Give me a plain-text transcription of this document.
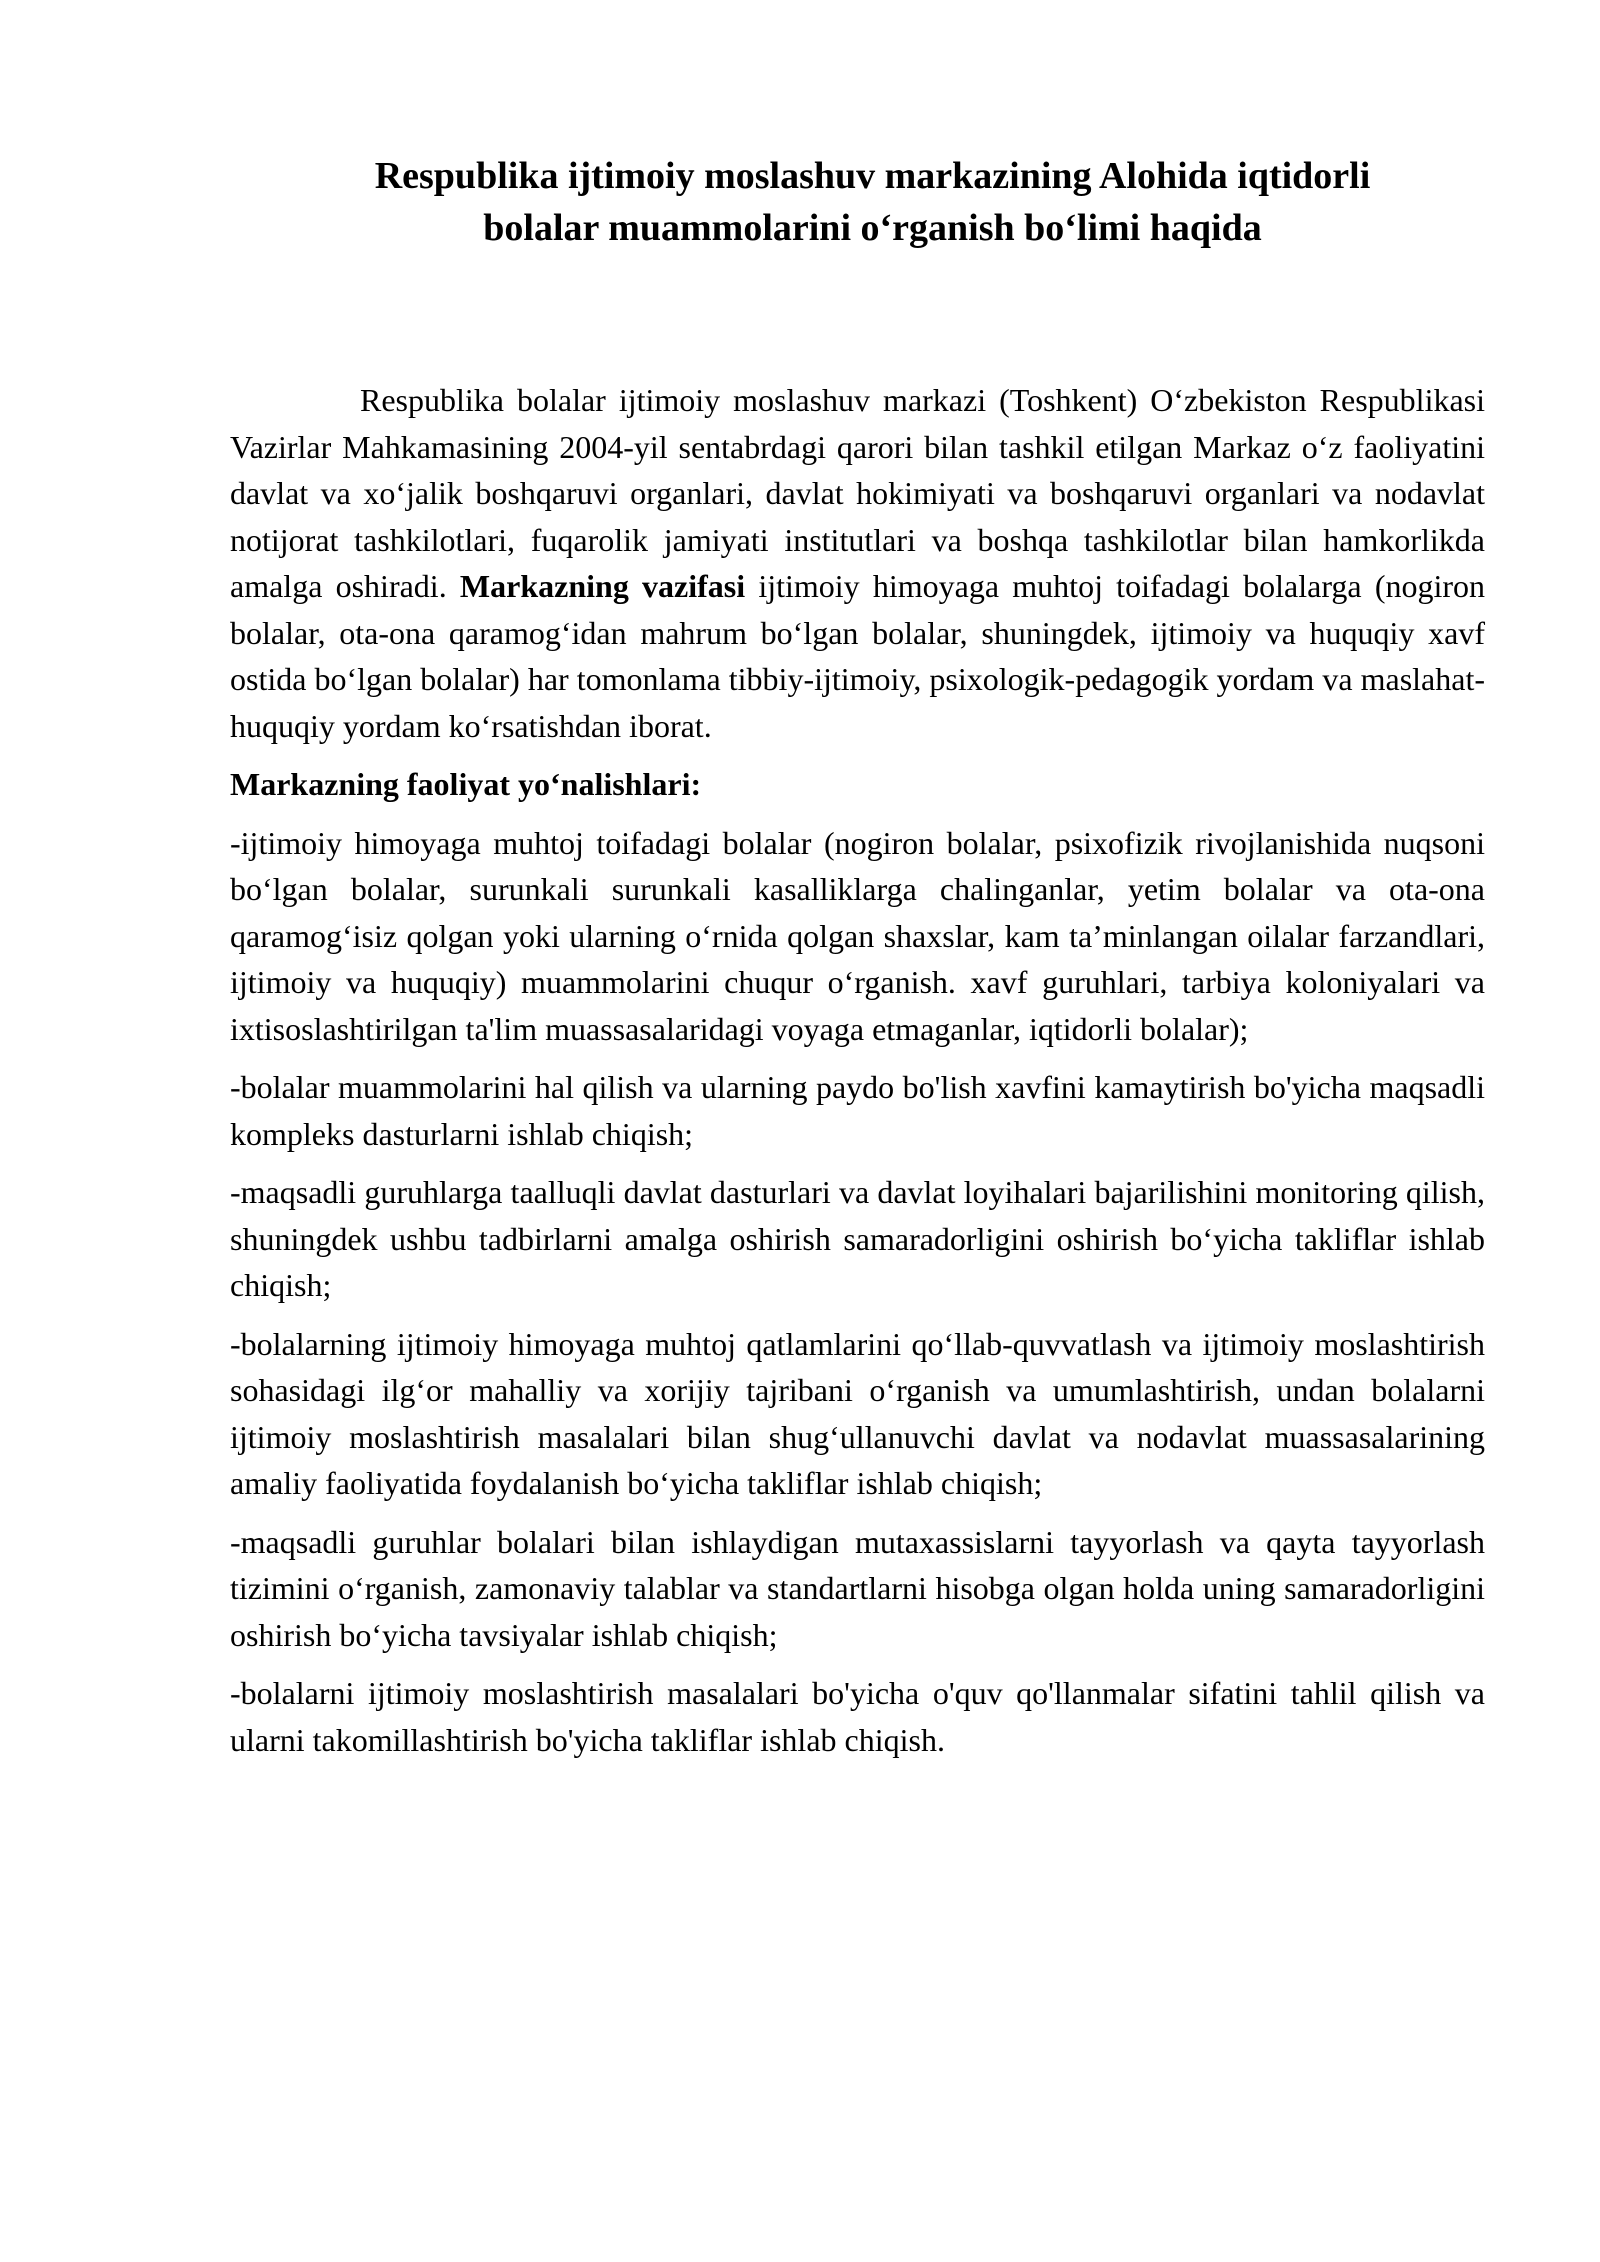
Respublika ijtimoiy moslashuv markazining Alohida iqtidorli
bolalar muammolarini o‘rganish bo‘limi haqida

Respublika bolalar ijtimoiy moslashuv markazi (Toshkent) O‘zbekiston Respublikasi Vazirlar Mahkamasining 2004-yil sentabrdagi qarori bilan tashkil etilgan Markaz o‘z faoliyatini davlat va xo‘jalik boshqaruvi organlari, davlat hokimiyati va boshqaruvi organlari va nodavlat notijorat tashkilotlari, fuqarolik jamiyati institutlari va boshqa tashkilotlar bilan hamkorlikda amalga oshiradi. Markazning vazifasi ijtimoiy himoyaga muhtoj toifadagi bolalarga (nogiron bolalar, ota-ona qaramog‘idan mahrum bo‘lgan bolalar, shuningdek, ijtimoiy va huquqiy xavf ostida bo‘lgan bolalar) har tomonlama tibbiy-ijtimoiy, psixologik-pedagogik yordam va maslahat-huquqiy yordam ko‘rsatishdan iborat.

Markazning faoliyat yo‘nalishlari:

-ijtimoiy himoyaga muhtoj toifadagi bolalar (nogiron bolalar, psixofizik rivojlanishida nuqsoni bo‘lgan bolalar, surunkali surunkali kasalliklarga chalinganlar, yetim bolalar va ota-ona qaramog‘isiz qolgan yoki ularning o‘rnida qolgan shaxslar, kam ta’minlangan oilalar farzandlari, ijtimoiy va huquqiy) muammolarini chuqur o‘rganish. xavf guruhlari, tarbiya koloniyalari va ixtisoslashtirilgan ta'lim muassasalaridagi voyaga etmaganlar, iqtidorli bolalar);

-bolalar muammolarini hal qilish va ularning paydo bo'lish xavfini kamaytirish bo'yicha maqsadli kompleks dasturlarni ishlab chiqish;

-maqsadli guruhlarga taalluqli davlat dasturlari va davlat loyihalari bajarilishini monitoring qilish, shuningdek ushbu tadbirlarni amalga oshirish samaradorligini oshirish bo‘yicha takliflar ishlab chiqish;

-bolalarning ijtimoiy himoyaga muhtoj qatlamlarini qo‘llab-quvvatlash va ijtimoiy moslashtirish sohasidagi ilg‘or mahalliy va xorijiy tajribani o‘rganish va umumlashtirish, undan bolalarni ijtimoiy moslashtirish masalalari bilan shug‘ullanuvchi davlat va nodavlat muassasalarining amaliy faoliyatida foydalanish bo‘yicha takliflar ishlab chiqish;

-maqsadli guruhlar bolalari bilan ishlaydigan mutaxassislarni tayyorlash va qayta tayyorlash tizimini o‘rganish, zamonaviy talablar va standartlarni hisobga olgan holda uning samaradorligini oshirish bo‘yicha tavsiyalar ishlab chiqish;

-bolalarni ijtimoiy moslashtirish masalalari bo'yicha o'quv qo'llanmalar sifatini tahlil qilish va ularni takomillashtirish bo'yicha takliflar ishlab chiqish.
